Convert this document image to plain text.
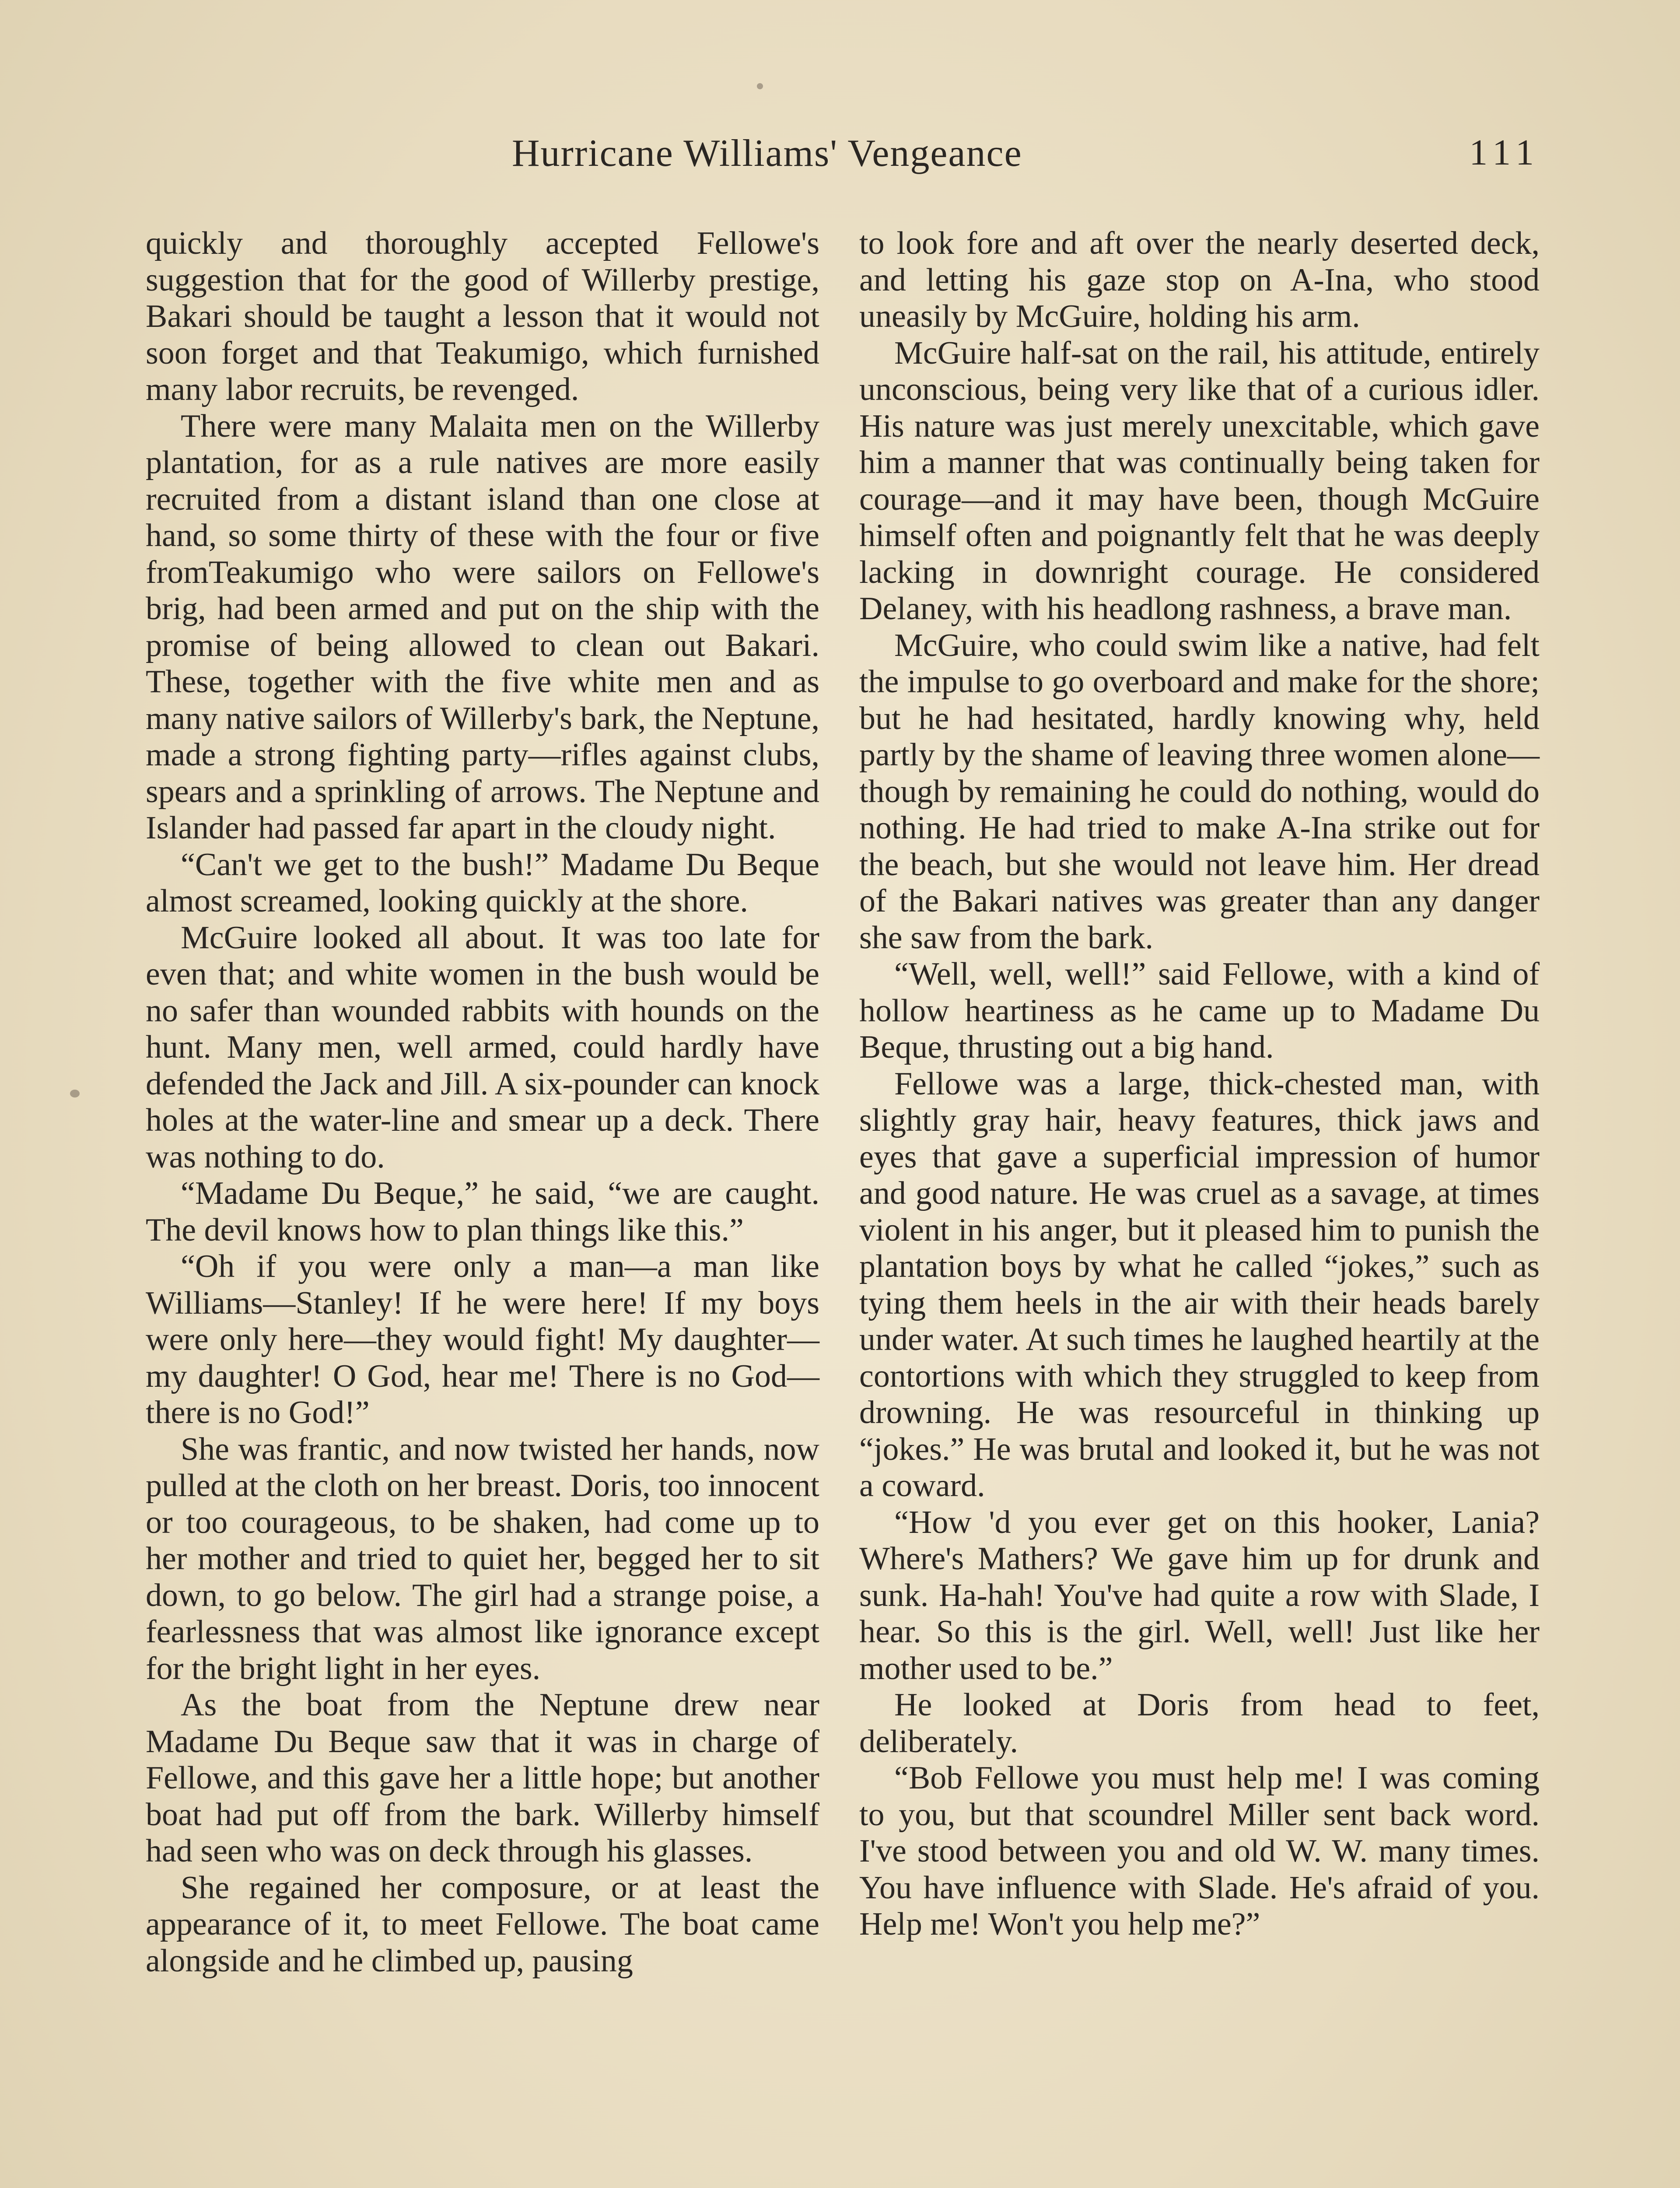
Hurricane Williams' Vengeance	111

quickly and thoroughly accepted Fellowe's suggestion that for the good of Willerby prestige, Bakari should be taught a lesson that it would not soon forget and that Teakumigo, which furnished many labor recruits, be revenged.

There were many Malaita men on the Willerby plantation, for as a rule natives are more easily recruited from a distant island than one close at hand, so some thirty of these with the four or five fromTeakumigo who were sailors on Fellowe's brig, had been armed and put on the ship with the promise of being allowed to clean out Bakari. These, together with the five white men and as many native sailors of Willerby's bark, the Neptune, made a strong fighting party—rifles against clubs, spears and a sprinkling of arrows. The Neptune and Islander had passed far apart in the cloudy night.

“Can't we get to the bush!” Madame Du Beque almost screamed, looking quickly at the shore.

McGuire looked all about. It was too late for even that; and white women in the bush would be no safer than wounded rabbits with hounds on the hunt. Many men, well armed, could hardly have defended the Jack and Jill. A six-pounder can knock holes at the water-line and smear up a deck. There was nothing to do.

“Madame Du Beque,” he said, “we are caught. The devil knows how to plan things like this.”

“Oh if you were only a man—a man like Williams—Stanley! If he were here! If my boys were only here—they would fight! My daughter—my daughter! O God, hear me! There is no God—there is no God!”

She was frantic, and now twisted her hands, now pulled at the cloth on her breast. Doris, too innocent or too courageous, to be shaken, had come up to her mother and tried to quiet her, begged her to sit down, to go below. The girl had a strange poise, a fearlessness that was almost like ignorance except for the bright light in her eyes.

As the boat from the Neptune drew near Madame Du Beque saw that it was in charge of Fellowe, and this gave her a little hope; but another boat had put off from the bark. Willerby himself had seen who was on deck through his glasses.

She regained her composure, or at least the appearance of it, to meet Fellowe. The boat came alongside and he climbed up, pausing

to look fore and aft over the nearly deserted deck, and letting his gaze stop on A-Ina, who stood uneasily by McGuire, holding his arm.

McGuire half-sat on the rail, his attitude, entirely unconscious, being very like that of a curious idler. His nature was just merely unexcitable, which gave him a manner that was continually being taken for courage—and it may have been, though McGuire himself often and poignantly felt that he was deeply lacking in downright courage. He considered Delaney, with his headlong rashness, a brave man.

McGuire, who could swim like a native, had felt the impulse to go overboard and make for the shore; but he had hesitated, hardly knowing why, held partly by the shame of leaving three women alone—though by remaining he could do nothing, would do nothing. He had tried to make A-Ina strike out for the beach, but she would not leave him. Her dread of the Bakari natives was greater than any danger she saw from the bark.

“Well, well, well!” said Fellowe, with a kind of hollow heartiness as he came up to Madame Du Beque, thrusting out a big hand.

Fellowe was a large, thick-chested man, with slightly gray hair, heavy features, thick jaws and eyes that gave a superficial impression of humor and good nature. He was cruel as a savage, at times violent in his anger, but it pleased him to punish the plantation boys by what he called “jokes,” such as tying them heels in the air with their heads barely under water. At such times he laughed heartily at the contortions with which they struggled to keep from drowning. He was resourceful in thinking up “jokes.” He was brutal and looked it, but he was not a coward.

“How 'd you ever get on this hooker, Lania? Where's Mathers? We gave him up for drunk and sunk. Ha-hah! You've had quite a row with Slade, I hear. So this is the girl. Well, well! Just like her mother used to be.”

He looked at Doris from head to feet, deliberately.

“Bob Fellowe you must help me! I was coming to you, but that scoundrel Miller sent back word. I've stood between you and old W. W. many times. You have influence with Slade. He's afraid of you. Help me! Won't you help me?”
